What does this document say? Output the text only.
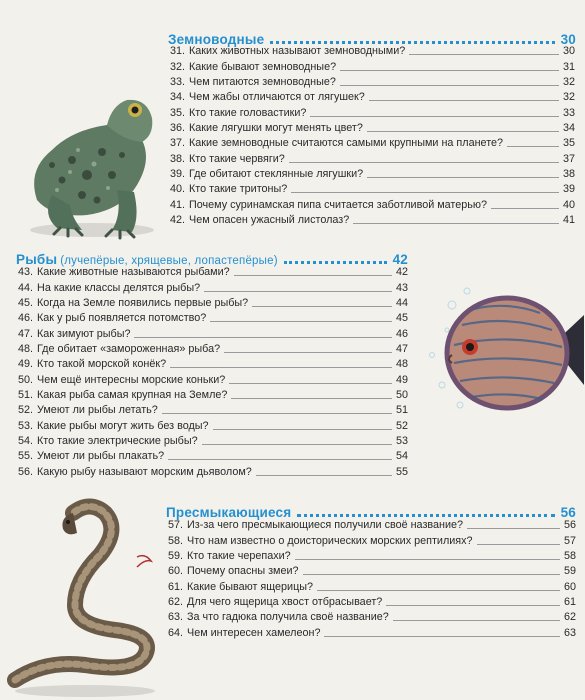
Земноводные	30
31. Каких животных называют земноводными?	30
32. Какие бывают земноводные?	31
33. Чем питаются земноводные?	32
34. Чем жабы отличаются от лягушек?	32
35. Кто такие головастики?	33
36. Какие лягушки могут менять цвет?	34
37. Какие земноводные считаются самыми крупными на планете?	35
38. Кто такие червяги?	37
39. Где обитают стеклянные лягушки?	38
40. Кто такие тритоны?	39
41. Почему суринамская пипа считается заботливой матерью?	40
42. Чем опасен ужасный листолаз?	41
Рыбы (лучепёрые, хрящевые, лопастепёрые)	42
43. Какие животные называются рыбами?	42
44. На какие классы делятся рыбы?	43
45. Когда на Земле появились первые рыбы?	44
46. Как у рыб появляется потомство?	45
47. Как зимуют рыбы?	46
48. Где обитает «замороженная» рыба?	47
49. Кто такой морской конёк?	48
50. Чем ещё интересны морские коньки?	49
51. Какая рыба самая крупная на Земле?	50
52. Умеют ли рыбы летать?	51
53. Какие рыбы могут жить без воды?	52
54. Кто такие электрические рыбы?	53
55. Умеют ли рыбы плакать?	54
56. Какую рыбу называют морским дьяволом?	55
Пресмыкающиеся	56
57. Из-за чего пресмыкающиеся получили своё название?	56
58. Что нам известно о доисторических морских рептилиях?	57
59. Кто такие черепахи?	58
60. Почему опасны змеи?	59
61. Какие бывают ящерицы?	60
62. Для чего ящерица хвост отбрасывает?	61
63. За что гадюка получила своё название?	62
64. Чем интересен хамелеон?	63
